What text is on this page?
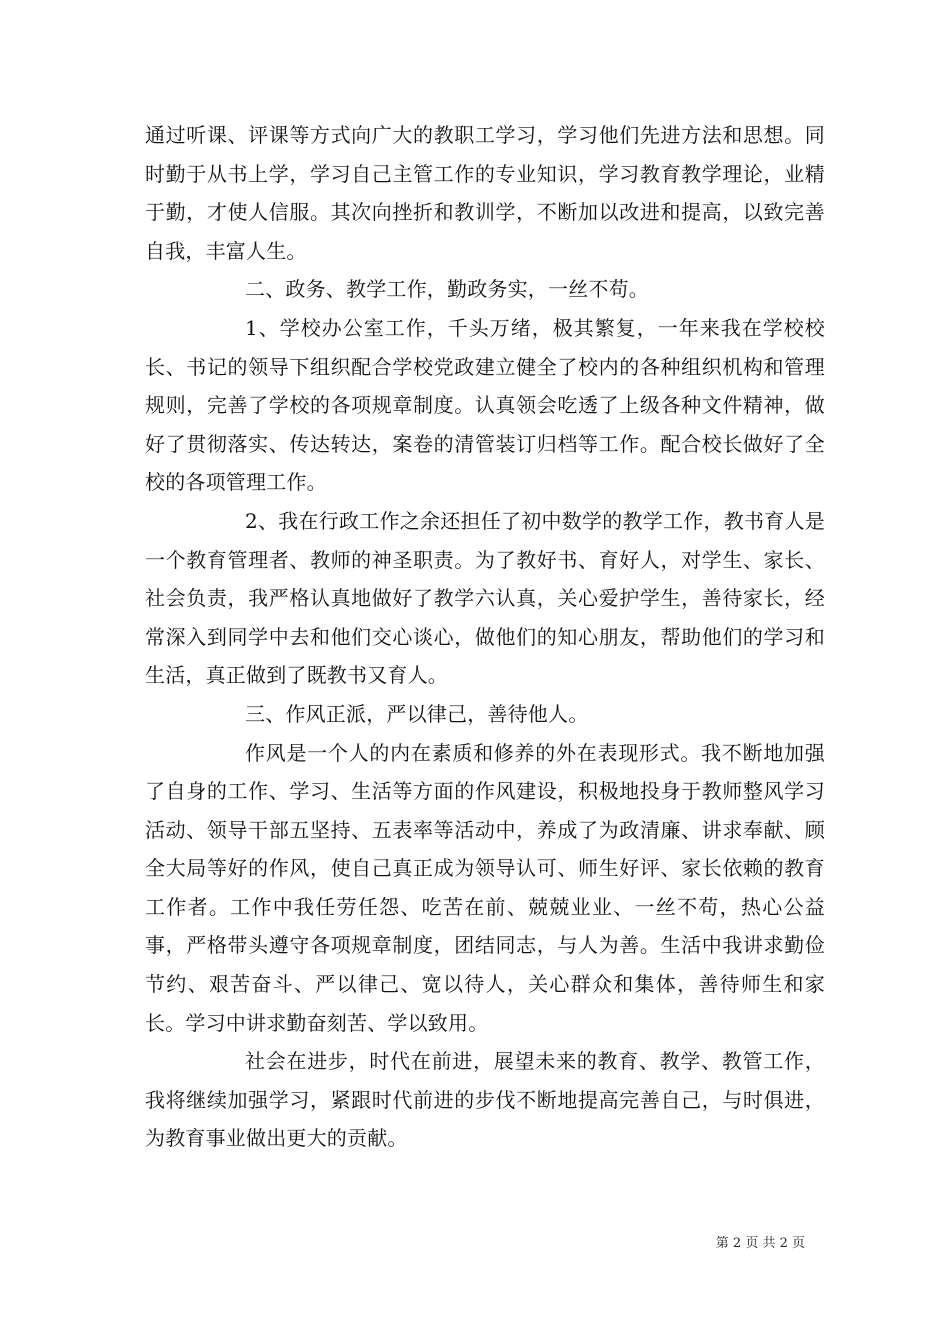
通过听课、评课等方式向广大的教职工学习，学习他们先进方法和思想。同时勤于从书上学，学习自己主管工作的专业知识，学习教育教学理论，业精于勤，才使人信服。其次向挫折和教训学，不断加以改进和提高，以致完善自我，丰富人生。

二、政务、教学工作，勤政务实，一丝不苟。

1、学校办公室工作，千头万绪，极其繁复，一年来我在学校校长、书记的领导下组织配合学校党政建立健全了校内的各种组织机构和管理规则，完善了学校的各项规章制度。认真领会吃透了上级各种文件精神，做好了贯彻落实、传达转达，案卷的清管装订归档等工作。配合校长做好了全校的各项管理工作。

2、我在行政工作之余还担任了初中数学的教学工作，教书育人是一个教育管理者、教师的神圣职责。为了教好书、育好人，对学生、家长、社会负责，我严格认真地做好了教学六认真，关心爱护学生，善待家长，经常深入到同学中去和他们交心谈心，做他们的知心朋友，帮助他们的学习和生活，真正做到了既教书又育人。

三、作风正派，严以律己，善待他人。

作风是一个人的内在素质和修养的外在表现形式。我不断地加强了自身的工作、学习、生活等方面的作风建设，积极地投身于教师整风学习活动、领导干部五坚持、五表率等活动中，养成了为政清廉、讲求奉献、顾全大局等好的作风，使自己真正成为领导认可、师生好评、家长依赖的教育工作者。工作中我任劳任怨、吃苦在前、兢兢业业、一丝不苟，热心公益事，严格带头遵守各项规章制度，团结同志，与人为善。生活中我讲求勤俭节约、艰苦奋斗、严以律己、宽以待人，关心群众和集体，善待师生和家长。学习中讲求勤奋刻苦、学以致用。

社会在进步，时代在前进，展望未来的教育、教学、教管工作，我将继续加强学习，紧跟时代前进的步伐不断地提高完善自己，与时俱进，为教育事业做出更大的贡献。

第 2 页 共 2 页
